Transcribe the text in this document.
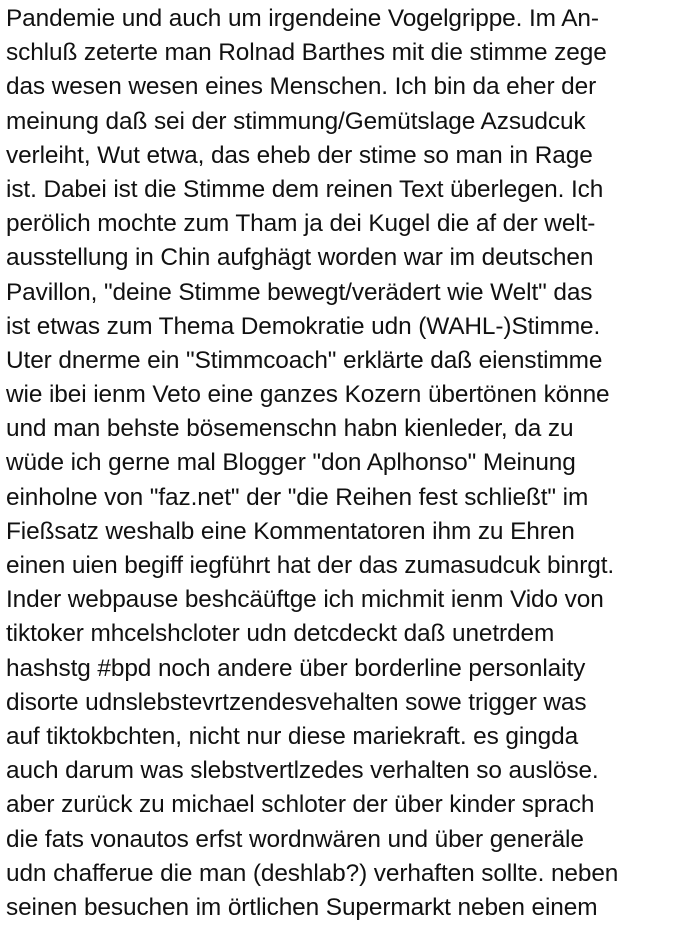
Pandemie und auch um irgendeine Vogelgrippe. Im An-
schluß zeterte man Rolnad Barthes mit die stimme zege
das wesen wesen eines Menschen. Ich bin da eher der
meinung daß sei der stimmung/Gemütslage Azsudcuk
verleiht, Wut etwa, das eheb der stime so man in Rage
ist. Dabei ist die Stimme dem reinen Text überlegen. Ich
perölich mochte zum Tham ja dei Kugel die af der welt-
ausstellung in Chin aufghägt worden war im deutschen
Pavillon, "deine Stimme bewegt/verädert wie Welt" das
ist etwas zum Thema Demokratie udn (WAHL-)Stimme.
Uter dnerme ein "Stimmcoach" erklärte daß eienstimme
wie ibei ienm Veto eine ganzes Kozern übertönen könne
und man behste bösemenschn habn kienleder, da zu
wüde ich gerne mal Blogger "don Aplhonso" Meinung
einholne von "faz.net" der "die Reihen fest schließt" im
Fießsatz weshalb eine Kommentatoren ihm zu Ehren
einen uien begiff iegführt hat der das zumasudcuk binrgt.
Inder webpause beshcäüftge ich michmit ienm Vido von
tiktoker mhcelshcloter udn detcdeckt daß unetrdem
hashstg #bpd noch andere über borderline personlaity
disorte udnslebstevrtzendesvehalten sowe trigger was
auf tiktokbchten, nicht nur diese mariekraft. es gingda
auch darum was slebstvertlzedes verhalten so auslöse.
aber zurück zu michael schloter der über kinder sprach
die fats vonautos erfst wordnwären und über generäle
udn chafferue die man (deshlab?) verhaften sollte. neben
seinen besuchen im örtlichen Supermarkt neben einem
